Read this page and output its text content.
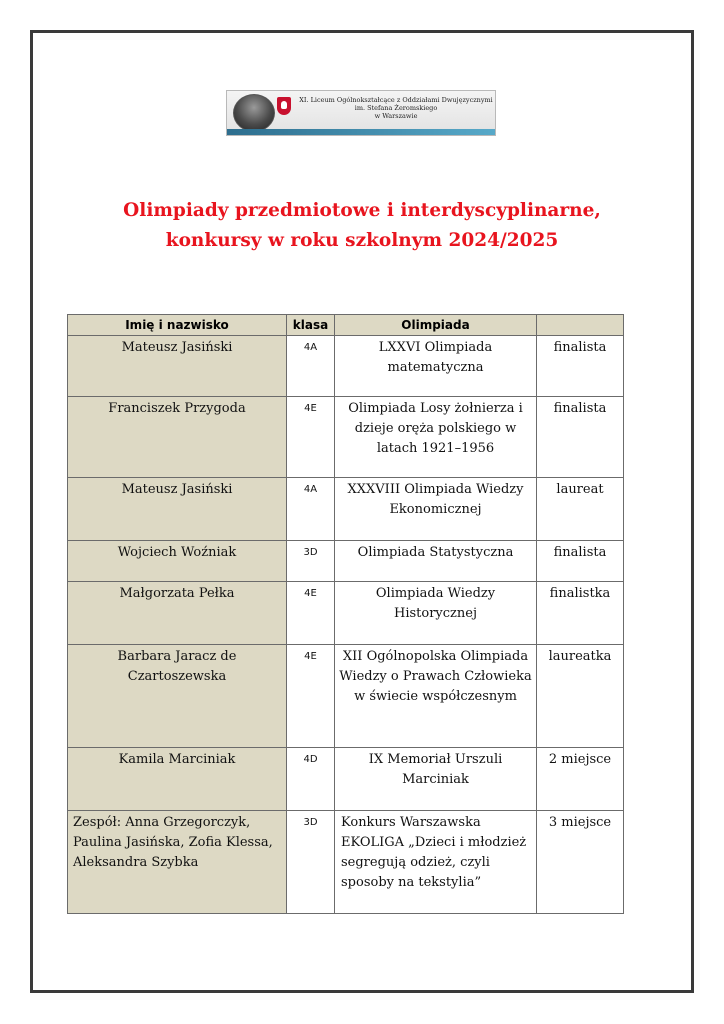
XI. Liceum Ogólnokształcące z Oddziałami Dwujęzycznymi
im. Stefana Żeromskiego
w Warszawie
Olimpiady przedmiotowe i interdyscyplinarne,
konkursy w roku szkolnym 2024/2025
Imię i nazwisko	klasa	Olimpiada	
Mateusz Jasiński	4A	LXXVI Olimpiada matematyczna	finalista
Franciszek Przygoda	4E	Olimpiada Losy żołnierza i dzieje oręża polskiego w latach 1921–1956	finalista
Mateusz Jasiński	4A	XXXVIII Olimpiada Wiedzy Ekonomicznej	laureat
Wojciech Woźniak	3D	Olimpiada Statystyczna	finalista
Małgorzata Pełka	4E	Olimpiada Wiedzy Historycznej	finalistka
Barbara Jaracz de Czartoszewska	4E	XII Ogólnopolska Olimpiada Wiedzy o Prawach Człowieka w świecie współczesnym	laureatka
Kamila Marciniak	4D	IX Memoriał Urszuli Marciniak	2 miejsce
Zespół: Anna Grzegorczyk, Paulina Jasińska, Zofia Klessa, Aleksandra Szybka	3D	Konkurs Warszawska EKOLIGA „Dzieci i młodzież segregują odzież, czyli sposoby na tekstylia”	3 miejsce
